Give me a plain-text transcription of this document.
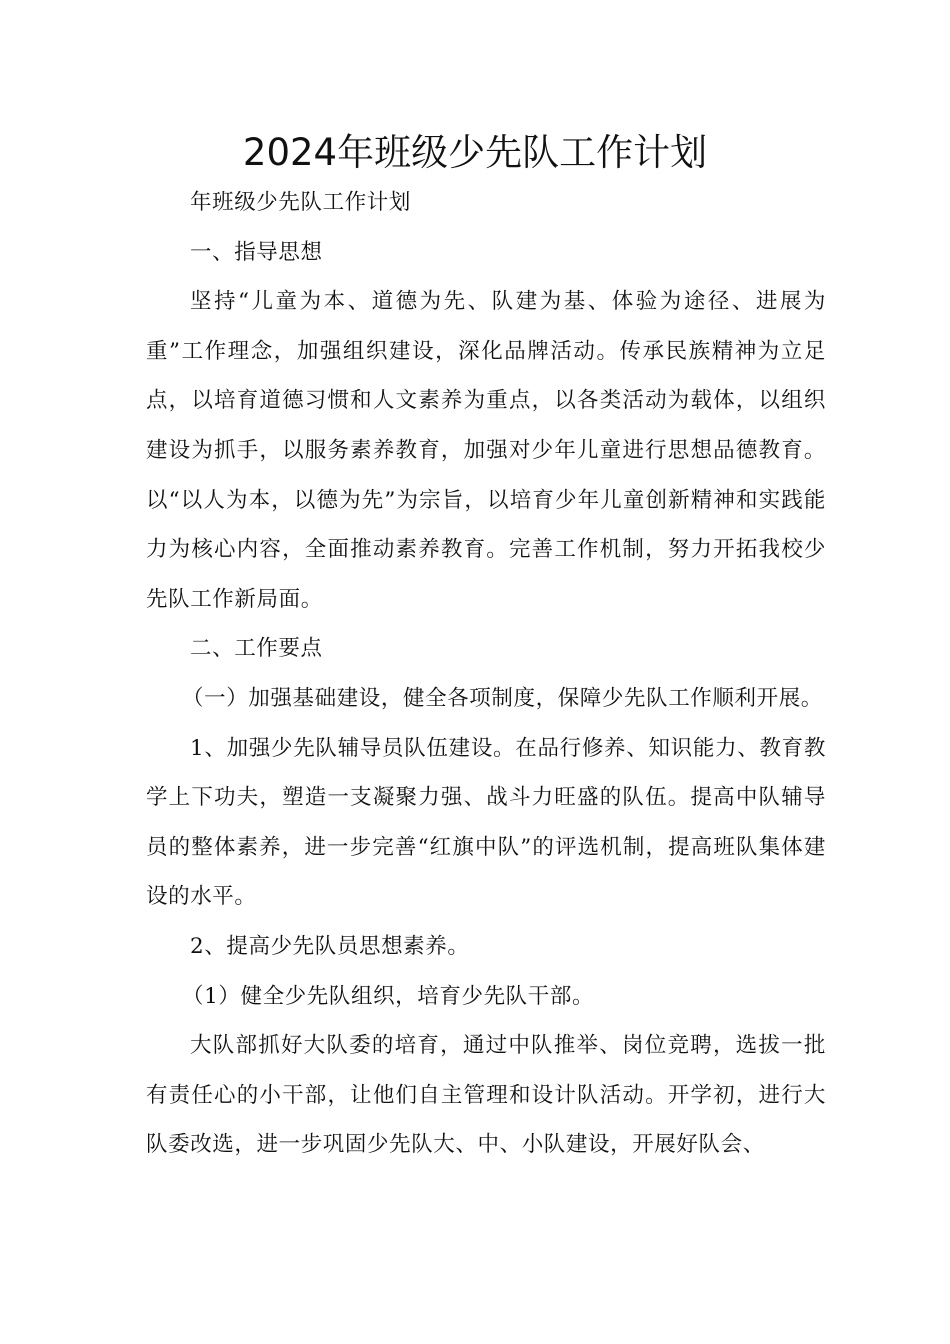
2024年班级少先队工作计划

年班级少先队工作计划

一、指导思想

坚持“儿童为本、道德为先、队建为基、体验为途径、进展为重”工作理念，加强组织建设，深化品牌活动。传承民族精神为立足点，以培育道德习惯和人文素养为重点，以各类活动为载体，以组织建设为抓手，以服务素养教育，加强对少年儿童进行思想品德教育。以“以人为本，以德为先”为宗旨，以培育少年儿童创新精神和实践能力为核心内容，全面推动素养教育。完善工作机制，努力开拓我校少先队工作新局面。

二、工作要点

（一）加强基础建设，健全各项制度，保障少先队工作顺利开展。

1、加强少先队辅导员队伍建设。在品行修养、知识能力、教育教学上下功夫，塑造一支凝聚力强、战斗力旺盛的队伍。提高中队辅导员的整体素养，进一步完善“红旗中队”的评选机制，提高班队集体建设的水平。

2、提高少先队员思想素养。

（1）健全少先队组织，培育少先队干部。

大队部抓好大队委的培育，通过中队推举、岗位竞聘，选拔一批有责任心的小干部，让他们自主管理和设计队活动。开学初，进行大队委改选，进一步巩固少先队大、中、小队建设，开展好队会、
